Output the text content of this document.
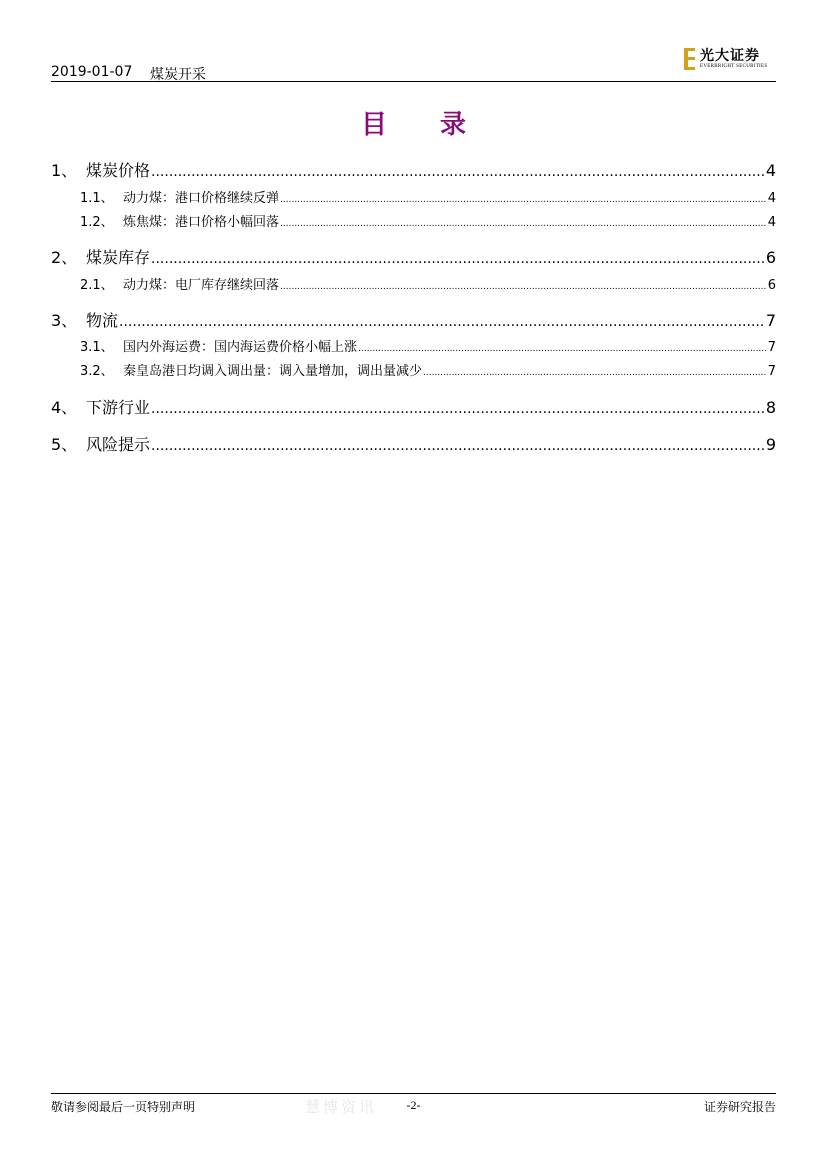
2019-01-07 煤炭开采
光大证券
EVERBRIGHT SECURITIES
目 录
1、 煤炭价格 .....	4
1.1、 动力煤：港口价格继续反弹 .....	4
1.2、 炼焦煤：港口价格小幅回落 .....	4
2、 煤炭库存 .....	6
2.1、 动力煤：电厂库存继续回落 .....	6
3、 物流 .....	7
3.1、 国内外海运费：国内海运费价格小幅上涨 .....	7
3.2、 秦皇岛港日均调入调出量：调入量增加，调出量减少 .....	7
4、 下游行业 .....	8
5、 风险提示 .....	9
敬请参阅最后一页特别声明	慧博资讯	-2-	证券研究报告
